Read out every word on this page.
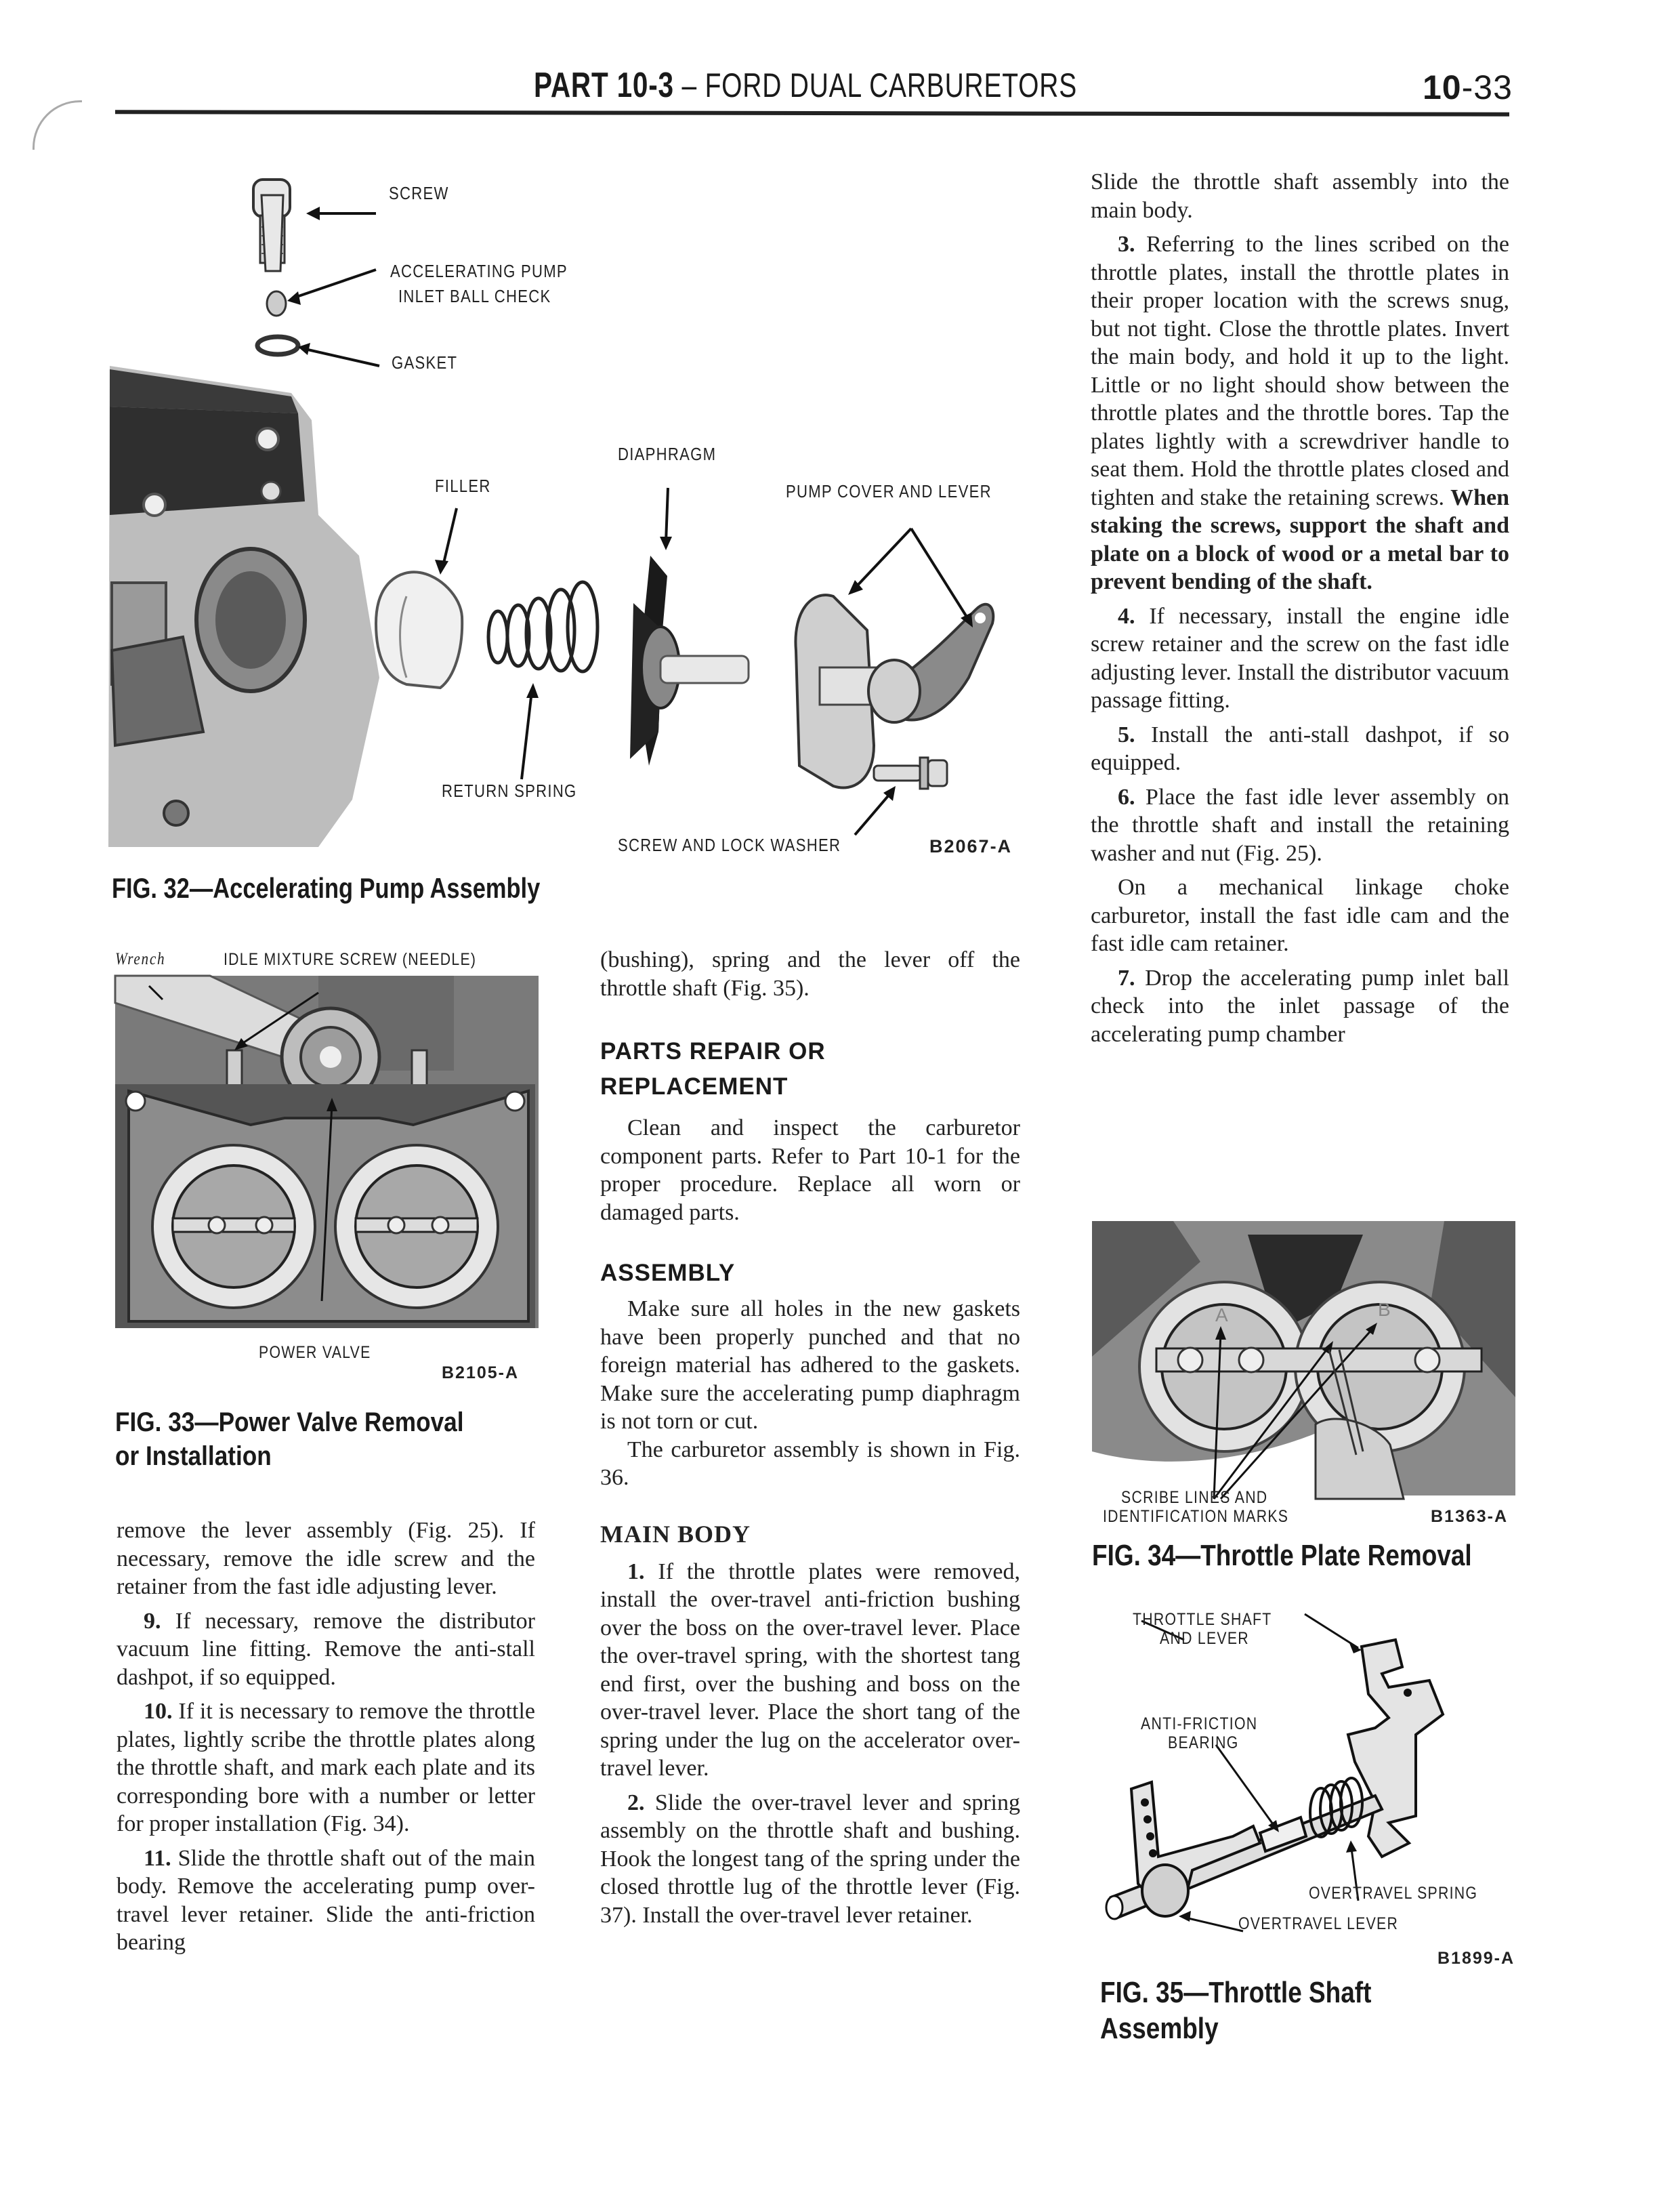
PART 10-3 – FORD DUAL CARBURETORS	10-33
SCREW
ACCELERATING PUMP
INLET BALL CHECK
GASKET
FILLER
DIAPHRAGM
PUMP COVER AND LEVER
RETURN SPRING
SCREW AND LOCK WASHER	B2067-A
FIG. 32—Accelerating Pump Assembly
Wrench	IDLE MIXTURE SCREW (NEEDLE)
POWER VALVE
B2105-A
FIG. 33—Power Valve Removal
or Installation

remove the lever assembly (Fig. 25). If necessary, remove the idle screw and the retainer from the fast idle adjusting lever.

9. If necessary, remove the distributor vacuum line fitting. Remove the anti-stall dashpot, if so equipped.

10. If it is necessary to remove the throttle plates, lightly scribe the throttle plates along the throttle shaft, and mark each plate and its corresponding bore with a number or letter for proper installation (Fig. 34).

11. Slide the throttle shaft out of the main body. Remove the accelerating pump over-travel lever retainer. Slide the anti-friction bearing

(bushing), spring and the lever off the throttle shaft (Fig. 35).

PARTS REPAIR OR
REPLACEMENT

Clean and inspect the carburetor component parts. Refer to Part 10-1 for the proper procedure. Replace all worn or damaged parts.

ASSEMBLY

Make sure all holes in the new gaskets have been properly punched and that no foreign material has adhered to the gaskets. Make sure the accelerating pump diaphragm is not torn or cut.

The carburetor assembly is shown in Fig. 36.

MAIN BODY

1. If the throttle plates were removed, install the over-travel anti-friction bushing over the boss on the over-travel lever. Place the over-travel spring, with the shortest tang end first, over the bushing and boss on the over-travel lever. Place the short tang of the spring under the lug on the accelerator over-travel lever.

2. Slide the over-travel lever and spring assembly on the throttle shaft and bushing. Hook the longest tang of the spring under the closed throttle lug of the throttle lever (Fig. 37). Install the over-travel lever retainer.

Slide the throttle shaft assembly into the main body.

3. Referring to the lines scribed on the throttle plates, install the throttle plates in their proper location with the screws snug, but not tight. Close the throttle plates. Invert the main body, and hold it up to the light. Little or no light should show between the throttle plates and the throttle bores. Tap the plates lightly with a screwdriver handle to seat them. Hold the throttle plates closed and tighten and stake the retaining screws. When staking the screws, support the shaft and plate on a block of wood or a metal bar to prevent bending of the shaft.

4. If necessary, install the engine idle screw retainer and the screw on the fast idle adjusting lever. Install the distributor vacuum passage fitting.

5. Install the anti-stall dashpot, if so equipped.

6. Place the fast idle lever assembly on the throttle shaft and install the retaining washer and nut (Fig. 25).

On a mechanical linkage choke carburetor, install the fast idle cam and the fast idle cam retainer.

7. Drop the accelerating pump inlet ball check into the inlet passage of the accelerating pump chamber

A	B
SCRIBE LINES AND
IDENTIFICATION MARKS	B1363-A
FIG. 34—Throttle Plate Removal
THROTTLE SHAFT
AND LEVER
ANTI-FRICTION
BEARING
OVERTRAVEL SPRING
OVERTRAVEL LEVER
B1899-A
FIG. 35—Throttle Shaft
Assembly
